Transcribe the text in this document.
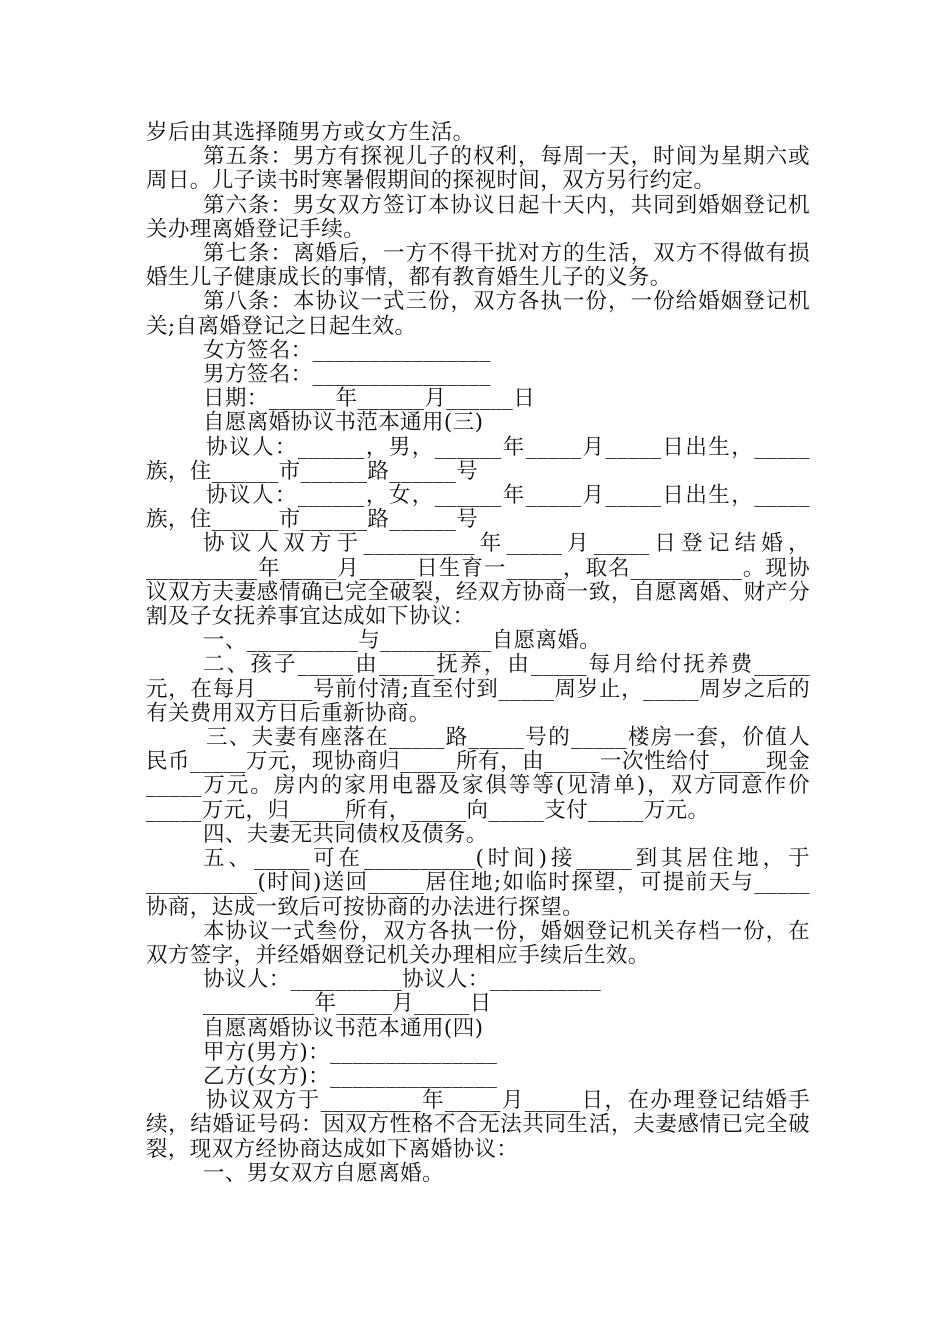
岁后由其选择随男方或女方生活。

第五条：男方有探视儿子的权利，每周一天，时间为星期六或周日。儿子读书时寒暑假期间的探视时间，双方另行约定。

第六条：男女双方签订本协议日起十天内，共同到婚姻登记机关办理离婚登记手续。

第七条：离婚后，一方不得干扰对方的生活，双方不得做有损婚生儿子健康成长的事情，都有教育婚生儿子的义务。

第八条：本协议一式三份，双方各执一份，一份给婚姻登记机关;自离婚登记之日起生效。

女方签名：________________

男方签名：________________

日期：______年______月______日

自愿离婚协议书范本通用(三)

协议人：______，男，______年_____月_____日出生，_____族，住______市______路______号

协议人：______，女，______年_____月_____日出生，_____族，住______市______路______号

协议人双方于__________年_____月_____日登记结婚，__________年_____月_____日生育一_____，取名__________。现协议双方夫妻感情确已完全破裂，经双方协商一致，自愿离婚、财产分割及子女抚养事宜达成如下协议：

一、__________与__________自愿离婚。

二、孩子_____由_____抚养，由_____每月给付抚养费_____元，在每月_____号前付清;直至付到_____周岁止，_____周岁之后的有关费用双方日后重新协商。

三、夫妻有座落在_____路_____号的_____楼房一套，价值人民币_____万元，现协商归_____所有，由_____一次性给付_____现金_____万元。房内的家用电器及家俱等等(见清单)，双方同意作价_____万元，归_____所有，_____向_____支付_____万元。

四、夫妻无共同债权及债务。

五、_____可在__________(时间)接_____到其居住地，于__________(时间)送回_____居住地;如临时探望，可提前天与_____协商，达成一致后可按协商的办法进行探望。

本协议一式叁份，双方各执一份，婚姻登记机关存档一份，在双方签字，并经婚姻登记机关办理相应手续后生效。

协议人：__________协议人：__________

__________年_____月_____日

自愿离婚协议书范本通用(四)

甲方(男方)：_______________

乙方(女方)：_______________

协议双方于_________年_____月_____日，在办理登记结婚手续，结婚证号码：因双方性格不合无法共同生活，夫妻感情已完全破裂，现双方经协商达成如下离婚协议：

一、男女双方自愿离婚。
